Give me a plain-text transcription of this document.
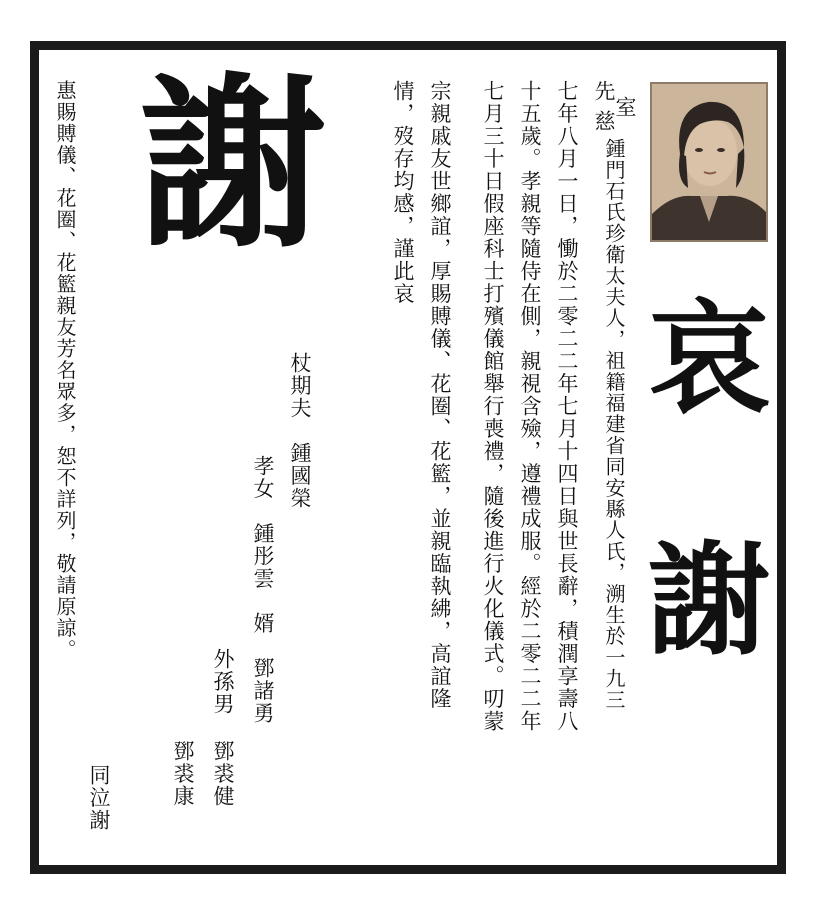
哀
謝
謝	先
慈
室
鍾門石氏珍衛太夫人，祖籍福建省同安縣人氏，溯生於一九三
七年八月一日，慟於二零二二年七月十四日與世長辭，積潤享壽八
十五歲。孝親等隨侍在側，親視含殮，遵禮成服。經於二零二二年
七月三十日假座科士打殯儀館舉行喪禮，隨後進行火化儀式。叨蒙
宗親戚友世鄉誼，厚賜賻儀、花圈、花籃，並親臨執紼，高誼隆
情，歿存均感，謹此哀
杖期夫　鍾國榮
孝女　鍾彤雲
婿　鄧諸勇
外孫男
鄧裘健
鄧裘康
同泣謝
惠賜賻儀、花圈、花籃親友芳名眾多，恕不詳列，敬請原諒。
